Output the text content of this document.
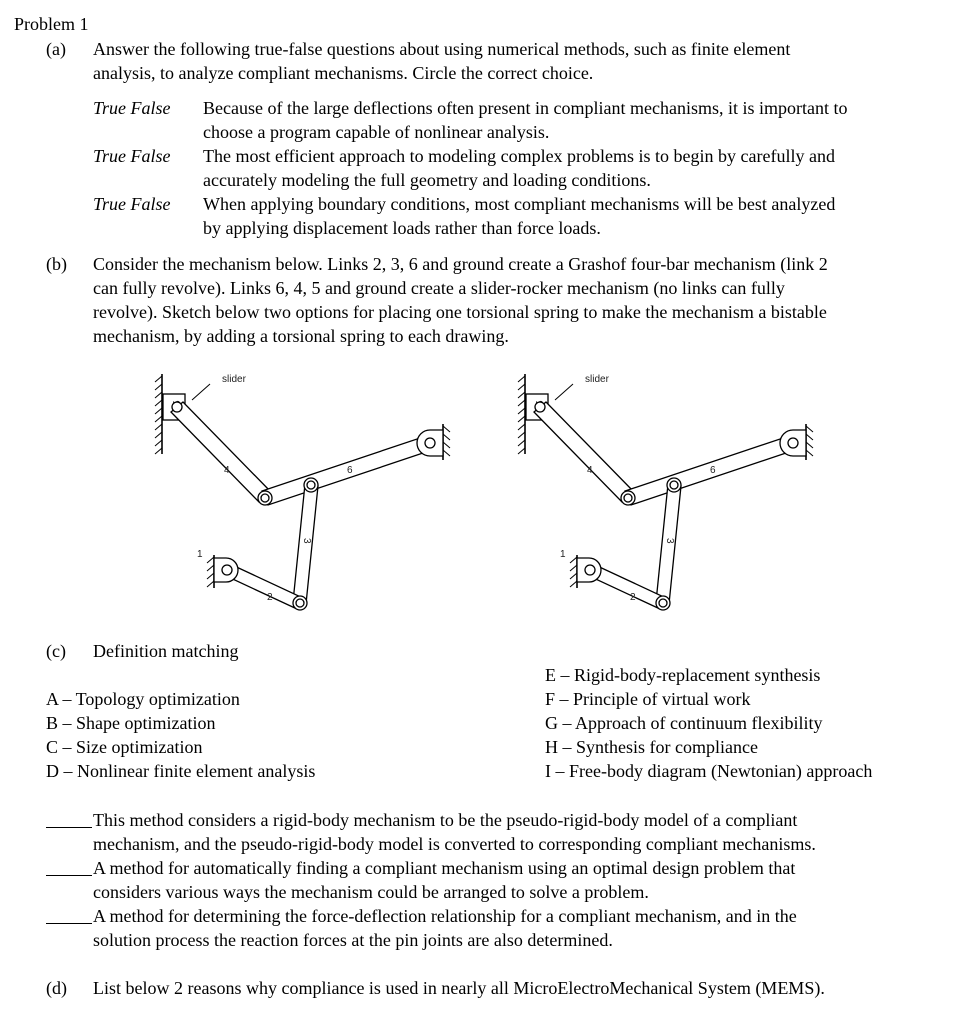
Problem 1
(a) Answer the following true-false questions about using numerical methods, such as finite element
analysis, to analyze compliant mechanisms. Circle the correct choice.
True False Because of the large deflections often present in compliant mechanisms, it is important to
choose a program capable of nonlinear analysis.
True False The most efficient approach to modeling complex problems is to begin by carefully and
accurately modeling the full geometry and loading conditions.
True False When applying boundary conditions, most compliant mechanisms will be best analyzed
by applying displacement loads rather than force loads.
(b) Consider the mechanism below. Links 2, 3, 6 and ground create a Grashof four-bar mechanism (link 2
can fully revolve). Links 6, 4, 5 and ground create a slider-rocker mechanism (no links can fully
revolve). Sketch below two options for placing one torsional spring to make the mechanism a bistable
mechanism, by adding a torsional spring to each drawing.
slider
4	6
3
2
1
slider
4	6
3
2
1
(c) Definition matching
A – Topology optimization
B – Shape optimization
C – Size optimization
D – Nonlinear finite element analysis
E – Rigid-body-replacement synthesis
F – Principle of virtual work
G – Approach of continuum flexibility
H – Synthesis for compliance
I – Free-body diagram (Newtonian) approach
This method considers a rigid-body mechanism to be the pseudo-rigid-body model of a compliant
mechanism, and the pseudo-rigid-body model is converted to corresponding compliant mechanisms.
A method for automatically finding a compliant mechanism using an optimal design problem that
considers various ways the mechanism could be arranged to solve a problem.
A method for determining the force-deflection relationship for a compliant mechanism, and in the
solution process the reaction forces at the pin joints are also determined.
(d) List below 2 reasons why compliance is used in nearly all MicroElectroMechanical System (MEMS).
